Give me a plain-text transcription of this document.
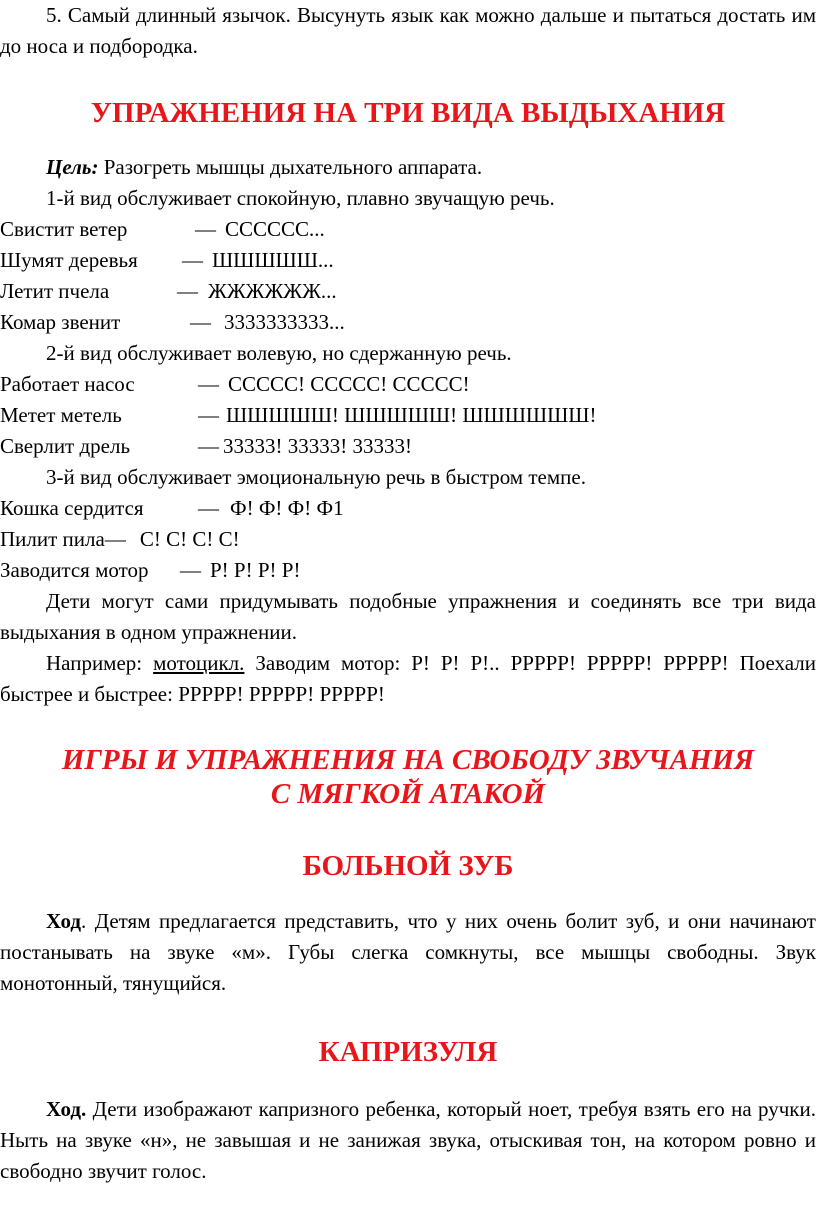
5. Самый длинный язычок. Высунуть язык как можно дальше и пытаться достать им до носа и подбородка.

УПРАЖНЕНИЯ НА ТРИ ВИДА ВЫДЫХАНИЯ

Цель: Разогреть мышцы дыхательного аппарата.

1-й вид обслуживает спокойную, плавно звучащую речь.

Свистит ветер	— СССССС...
Шумят деревья	— ШШШШШ...
Летит пчела	— ЖЖЖЖЖЖ...
Комар звенит	— 3333333333...

2-й вид обслуживает волевую, но сдержанную речь.

Работает насос	— ССССС! ССССС! ССССС!
Метет метель	— ШШШШШ! ШШШШШ! ШШШШШШ!
Сверлит дрель	— 33333! 33333! 33333!

3-й вид обслуживает эмоциональную речь в быстром темпе.

Кошка сердится	— Ф! Ф! Ф! Ф1
Пилит пила — С! С! С! С!
Заводится мотор	— Р! Р! Р! Р!

Дети могут сами придумывать подобные упражнения и соединять все три вида выдыхания в одном упражнении.

Например: мотоцикл. Заводим мотор: Р! Р! Р!.. РРРРР! РРРРР! РРРРР! Поехали быстрее и быстрее: РРРРР! РРРРР! РРРРР!

ИГРЫ И УПРАЖНЕНИЯ НА СВОБОДУ ЗВУЧАНИЯ
С МЯГКОЙ АТАКОЙ
БОЛЬНОЙ ЗУБ

Ход. Детям предлагается представить, что у них очень болит зуб, и они начинают постанывать на звуке «м». Губы слегка сомкнуты, все мышцы свободны. Звук монотонный, тянущийся.

КАПРИЗУЛЯ

Ход. Дети изображают капризного ребенка, который ноет, требуя взять его на ручки. Ныть на звуке «н», не завышая и не занижая звука, отыскивая тон, на котором ровно и свободно звучит голос.
